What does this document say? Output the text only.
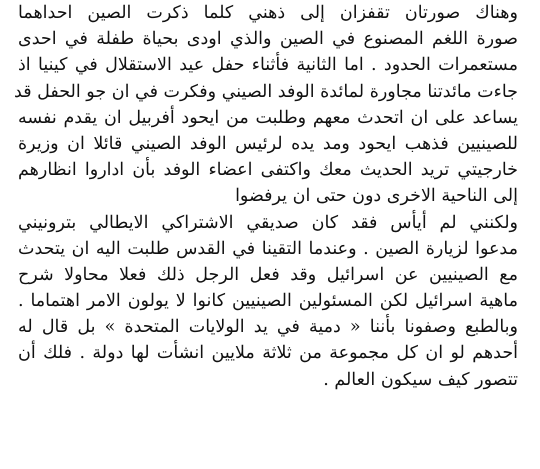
وهناك صورتان تقفزان إلى ذهني كلما ذكرت الصين احداهما
صورة اللغم المصنوع في الصين والذي اودى بحياة طفلة في احدى
مستعمرات الحدود . اما الثانية فأثناء حفل عيد الاستقلال في كينيا اذ
جاءت مائدتنا مجاورة لمائدة الوفد الصيني وفكرت في ان جو الحفل قد
يساعد على ان اتحدث معهم وطلبت من ايحود أفربيل ان يقدم نفسه
للصينيين فذهب ايحود ومد يده لرئيس الوفد الصيني قائلا ان وزيرة
خارجيتي تريد الحديث معك واكتفى اعضاء الوفد بأن اداروا انظارهم
إلى الناحية الاخرى دون حتى ان يرفضوا
ولكنني لم أيأس فقد كان صديقي الاشتراكي الايطالي بترونيني
مدعوا لزيارة الصين . وعندما التقينا في القدس طلبت اليه ان يتحدث
مع الصينيين عن اسرائيل وقد فعل الرجل ذلك فعلا محاولا شرح
ماهية اسرائيل لكن المسئولين الصينيين كانوا لا يولون الامر اهتماما .
وبالطبع وصفونا بأننا « دمية في يد الولايات المتحدة » بل قال له
أحدهم لو ان كل مجموعة من ثلاثة ملايين انشأت لها دولة . فلك أن
تتصور كيف سيكون العالم .
